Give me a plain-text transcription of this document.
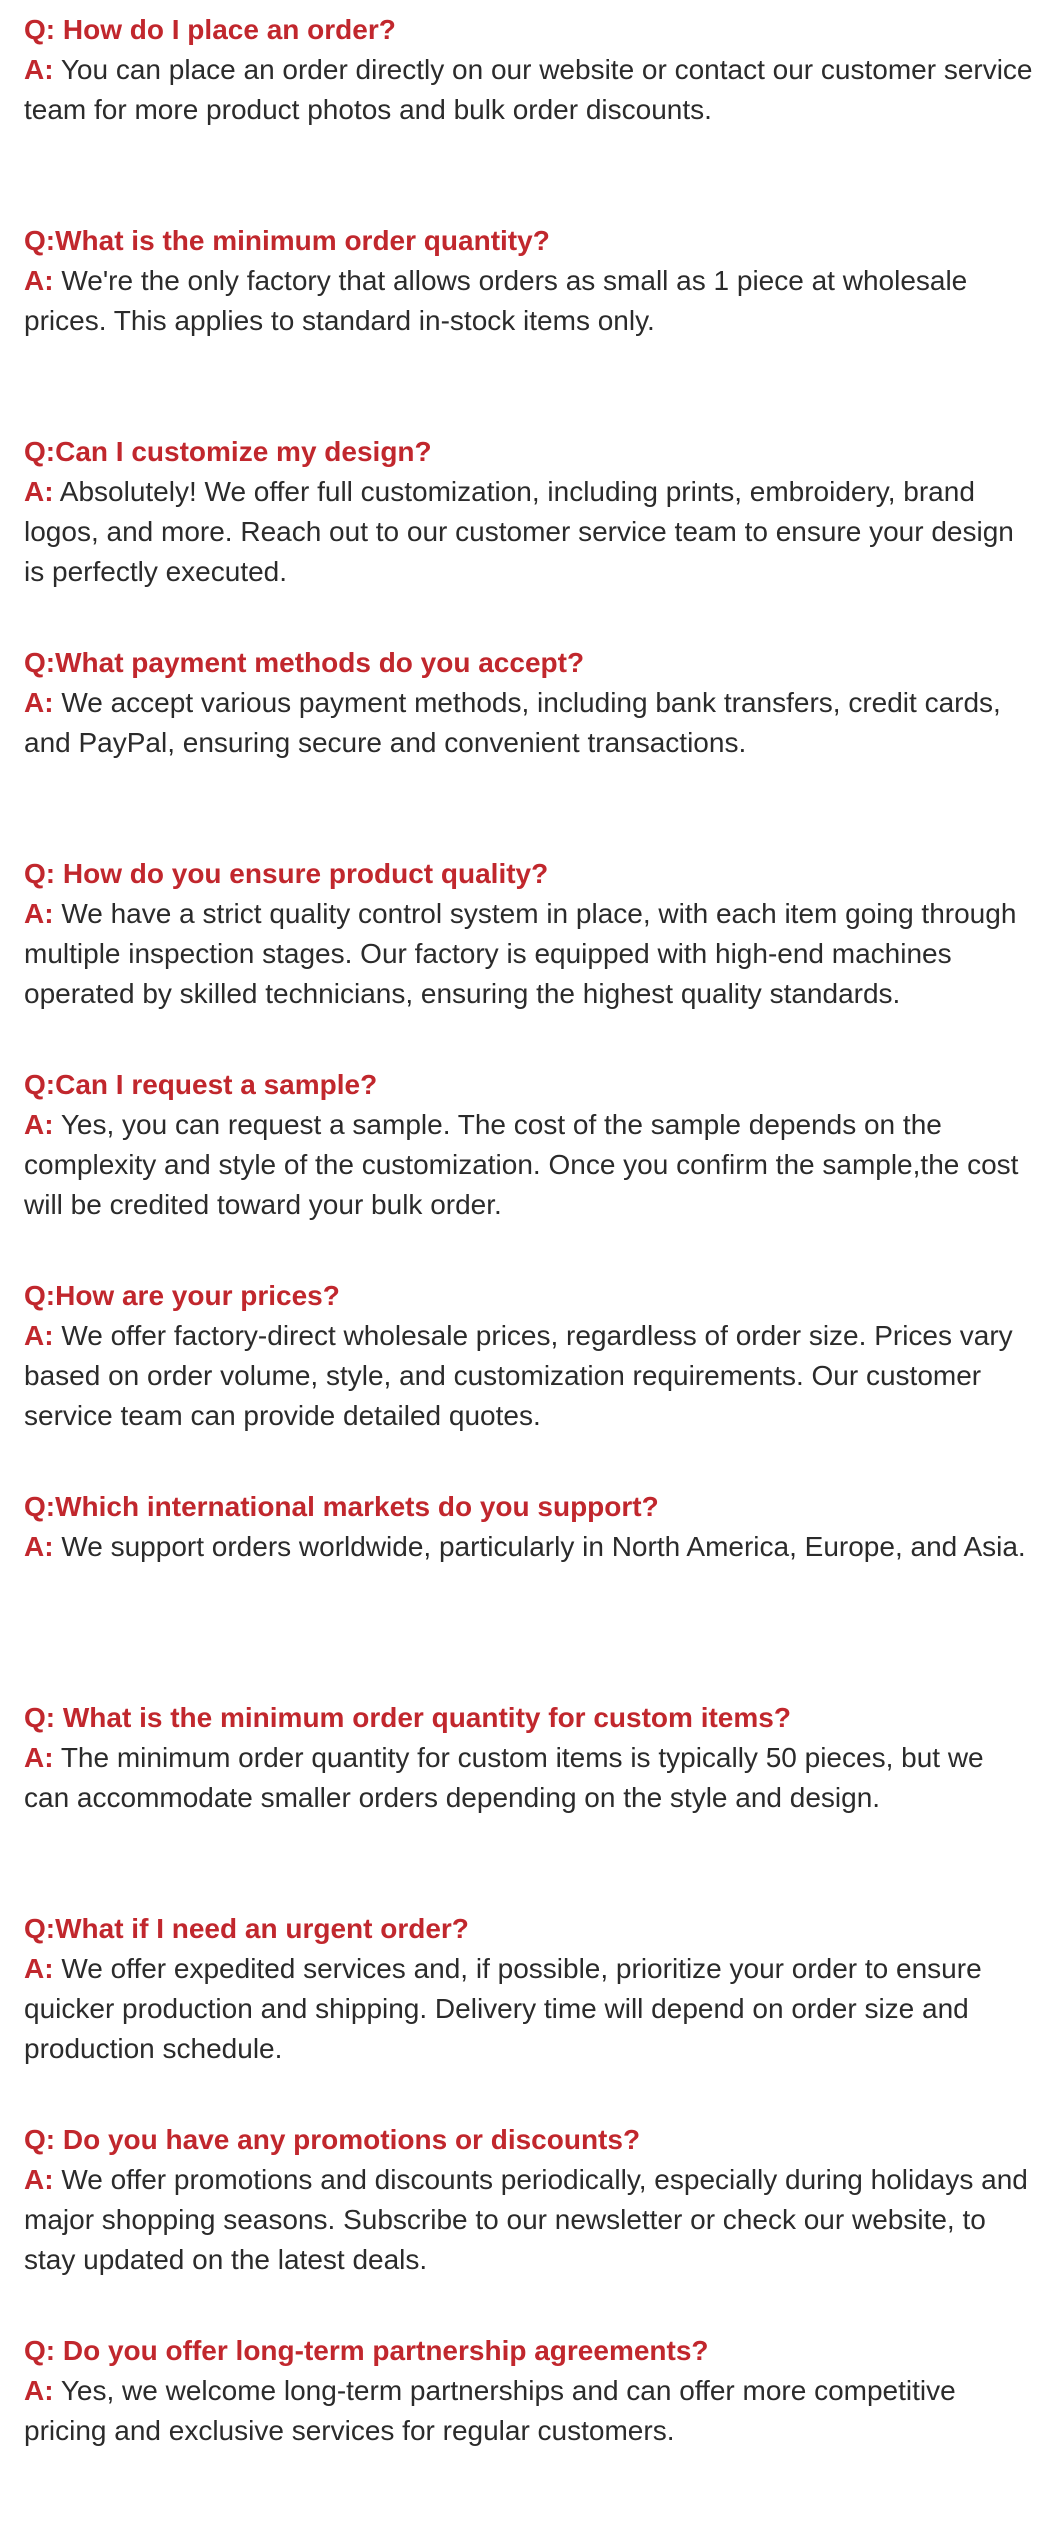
Q: How do I place an order?

A: You can place an order directly on our website or contact our customer service team for more product photos and bulk order discounts.

Q:What is the minimum order quantity?

A: We're the only factory that allows orders as small as 1 piece at wholesale prices. This applies to standard in-stock items only.

Q:Can I customize my design?

A: Absolutely! We offer full customization, including prints, embroidery, brand logos, and more. Reach out to our customer service team to ensure your design is perfectly executed.

Q:What payment methods do you accept?

A: We accept various payment methods, including bank transfers, credit cards, and PayPal, ensuring secure and convenient transactions.

Q: How do you ensure product quality?

A: We have a strict quality control system in place, with each item going through multiple inspection stages. Our factory is equipped with high-end machines operated by skilled technicians, ensuring the highest quality standards.

Q:Can I request a sample?

A: Yes, you can request a sample. The cost of the sample depends on the complexity and style of the customization. Once you confirm the sample,the cost will be credited toward your bulk order.

Q:How are your prices?

A: We offer factory-direct wholesale prices, regardless of order size. Prices vary based on order volume, style, and customization requirements. Our customer service team can provide detailed quotes.

Q:Which international markets do you support?

A: We support orders worldwide, particularly in North America, Europe, and Asia.

Q: What is the minimum order quantity for custom items?

A: The minimum order quantity for custom items is typically 50 pieces, but we can accommodate smaller orders depending on the style and design.

Q:What if I need an urgent order?

A: We offer expedited services and, if possible, prioritize your order to ensure quicker production and shipping. Delivery time will depend on order size and production schedule.

Q: Do you have any promotions or discounts?

A: We offer promotions and discounts periodically, especially during holidays and major shopping seasons. Subscribe to our newsletter or check our website, to stay updated on the latest deals.

Q: Do you offer long-term partnership agreements?

A: Yes, we welcome long-term partnerships and can offer more competitive pricing and exclusive services for regular customers.
